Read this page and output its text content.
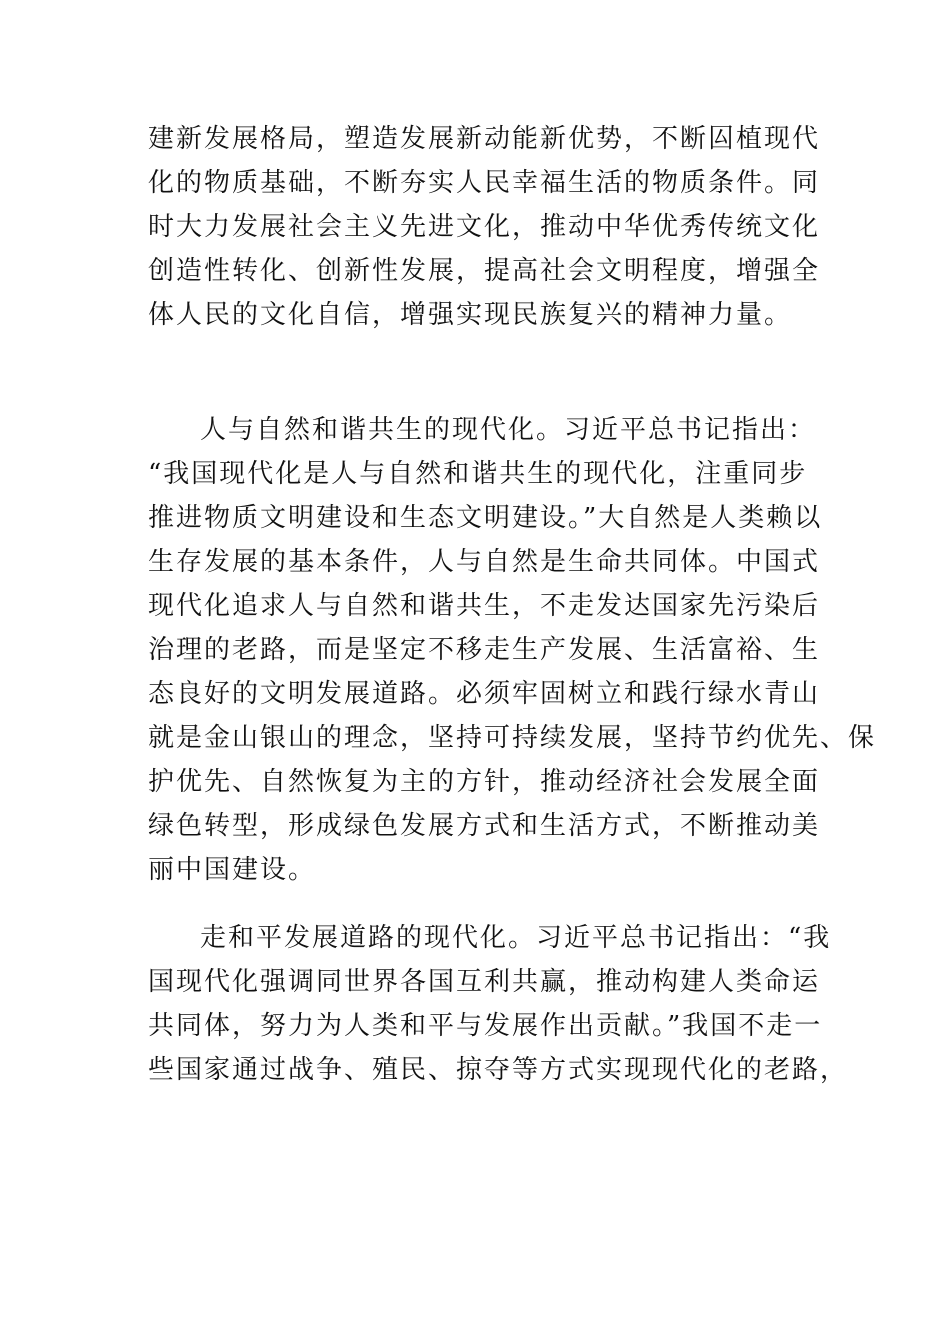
建新发展格局，塑造发展新动能新优势，不断囜植现代
化的物质基础，不断夯实人民幸福生活的物质条件。同
时大力发展社会主义先进文化，推动中华优秀传统文化
创造性转化、创新性发展，提高社会文明程度，增强全
体人民的文化自信，增强实现民族复兴的精神力量。
人与自然和谐共生的现代化。习近平总书记指出：
“我国现代化是人与自然和谐共生的现代化，注重同步
推进物质文明建设和生态文明建设。”大自然是人类赖以
生存发展的基本条件，人与自然是生命共同体。中国式
现代化追求人与自然和谐共生，不走发达国家先污染后
治理的老路，而是坚定不移走生产发展、生活富裕、生
态良好的文明发展道路。必须牢固树立和践行绿水青山
就是金山银山的理念，坚持可持续发展，坚持节约优先、保
护优先、自然恢复为主的方针，推动经济社会发展全面
绿色转型，形成绿色发展方式和生活方式，不断推动美
丽中国建设。
走和平发展道路的现代化。习近平总书记指出：“我
国现代化强调同世界各国互利共赢，推动构建人类命运
共同体，努力为人类和平与发展作出贡献。”我国不走一
些国家通过战争、殖民、掠夺等方式实现现代化的老路，
